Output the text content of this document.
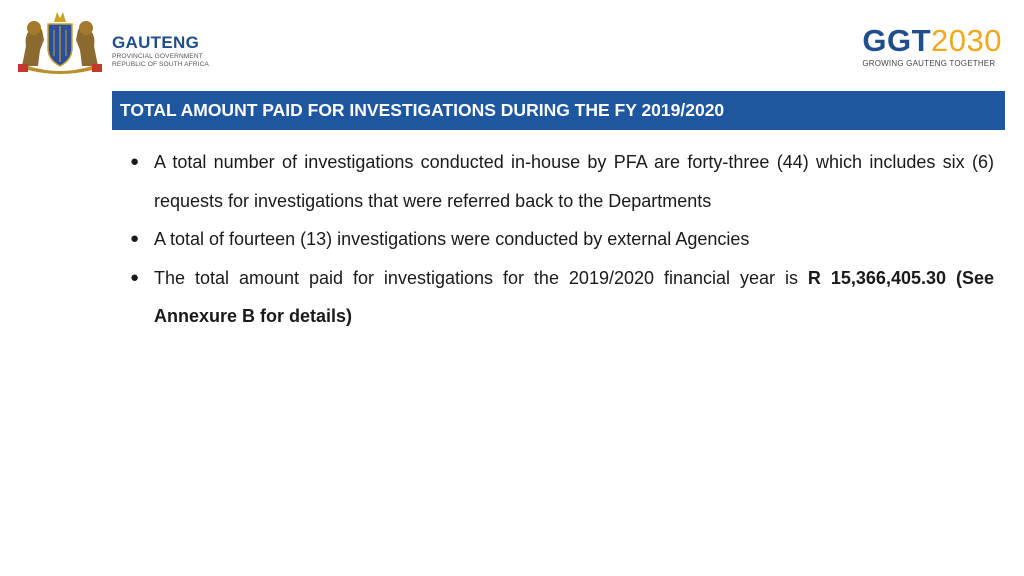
GAUTENG
PROVINCIAL GOVERNMENT
REPUBLIC OF SOUTH AFRICA
GGT2030
GROWING GAUTENG TOGETHER
TOTAL AMOUNT PAID FOR INVESTIGATIONS DURING THE FY 2019/2020
● A total number of investigations conducted in-house by PFA are forty-three (44) which includes six (6) requests for investigations that were referred back to the Departments
● A total of fourteen (13) investigations were conducted by external Agencies
● The total amount paid for investigations for the 2019/2020 financial year is R 15,366,405.30 (See Annexure B for details)
